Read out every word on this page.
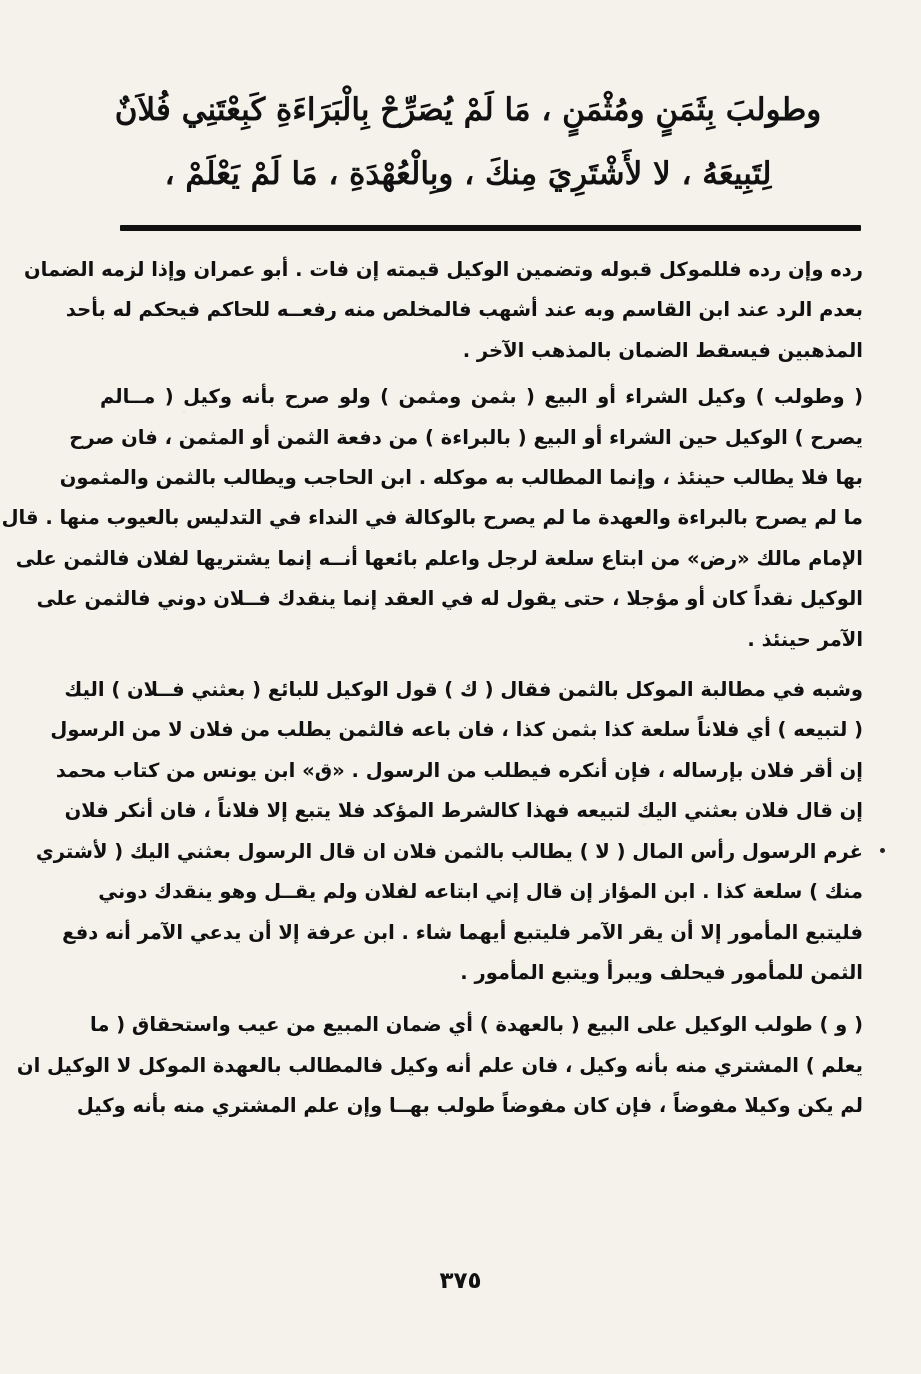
وطولبَ بِثَمَنٍ ومُثْمَنٍ ، مَا لَمْ يُصَرِّحْ بِالْبَرَاءَةِ كَبِعْتَنِي فُلاَنٌ
لِتَبِيعَهُ ، لا لأَشْتَرِيَ مِنكَ ، وبِالْعُهْدَةِ ، مَا لَمْ يَعْلَمْ ،
رده وإن رده فللموكل قبوله وتضمين الوكيل قيمته إن فات . أبو عمران وإذا لزمه الضمان
بعدم الرد عند ابن القاسم وبه عند أشهب فالمخلص منه رفعــه للحاكم فيحكم له بأحد
المذهبين فيسقط الضمان بالمذهب الآخر .
( وطولب ) وكيل الشراء أو البيع ( بثمن ومثمن ) ولو صرح بأنه وكيل ( مــالم
يصرح ) الوكيل حين الشراء أو البيع ( بالبراءة ) من دفعة الثمن أو المثمن ، فان صرح
بها فلا يطالب حينئذ ، وإنما المطالب به موكله . ابن الحاجب ويطالب بالثمن والمثمون
ما لم يصرح بالبراءة والعهدة ما لم يصرح بالوكالة في النداء في التدليس بالعيوب منها . قال
الإمام مالك «رض» من ابتاع سلعة لرجل واعلم بائعها أنــه إنما يشتريها لفلان فالثمن على
الوكيل نقداً كان أو مؤجلا ، حتى يقول له في العقد إنما ينقدك فــلان دوني فالثمن على
الآمر حينئذ .
وشبه في مطالبة الموكل بالثمن فقال ( ك ) قول الوكيل للبائع ( بعثني فــلان ) اليك
( لتبيعه ) أي فلاناً سلعة كذا بثمن كذا ، فان باعه فالثمن يطلب من فلان لا من الرسول
إن أقر فلان بإرساله ، فإن أنكره فيطلب من الرسول . «ق» ابن يونس من كتاب محمد
إن قال فلان بعثني اليك لتبيعه فهذا كالشرط المؤكد فلا يتبع إلا فلاناً ، فان أنكر فلان
غرم الرسول رأس المال ( لا ) يطالب بالثمن فلان ان قال الرسول بعثني اليك ( لأشتري
منك ) سلعة كذا . ابن المؤاز إن قال إني ابتاعه لفلان ولم يقــل وهو ينقدك دوني
فليتبع المأمور إلا أن يقر الآمر فليتبع أيهما شاء . ابن عرفة إلا أن يدعي الآمر أنه دفع
الثمن للمأمور فيحلف ويبرأ ويتبع المأمور .
( و ) طولب الوكيل على البيع ( بالعهدة ) أي ضمان المبيع من عيب واستحقاق ( ما
يعلم ) المشتري منه بأنه وكيل ، فان علم أنه وكيل فالمطالب بالعهدة الموكل لا الوكيل ان
لم يكن وكيلا مفوضاً ، فإن كان مفوضاً طولب بهــا وإن علم المشتري منه بأنه وكيل
٣٧٥
